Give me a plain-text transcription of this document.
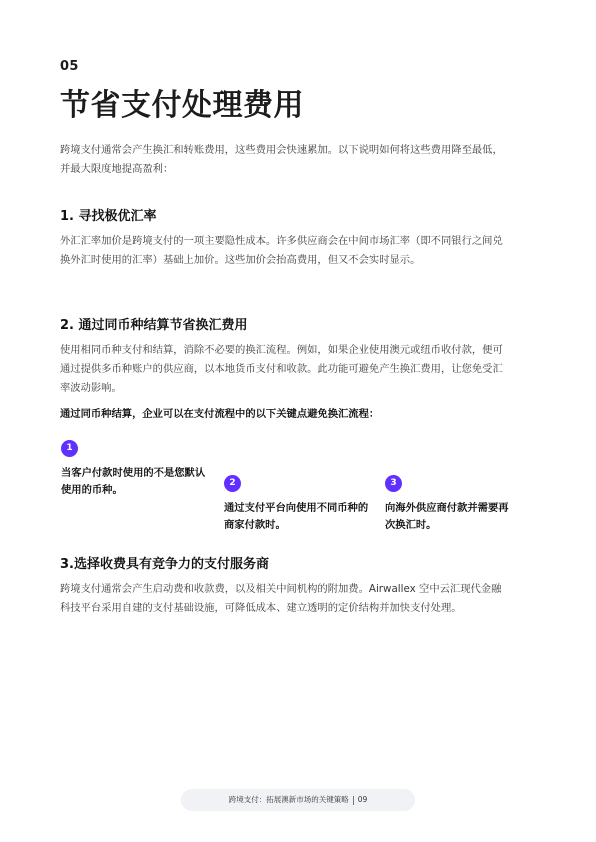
05
节省支付处理费用

跨境支付通常会产生换汇和转账费用，这些费用会快速累加。以下说明如何将这些费用降至最低，并最大限度地提高盈利：

1. 寻找极优汇率

外汇汇率加价是跨境支付的一项主要隐性成本。许多供应商会在中间市场汇率（即不同银行之间兑换外汇时使用的汇率）基础上加价。这些加价会抬高费用，但又不会实时显示。

2. 通过同币种结算节省换汇费用

使用相同币种支付和结算，消除不必要的换汇流程。例如，如果企业使用澳元或纽币收付款，便可通过提供多币种账户的供应商，以本地货币支付和收款。此功能可避免产生换汇费用，让您免受汇率波动影响。

通过同币种结算，企业可以在支付流程中的以下关键点避免换汇流程：

1

当客户付款时使用的不是您默认使用的币种。

2

通过支付平台向使用不同币种的商家付款时。

3

向海外供应商付款并需要再次换汇时。

3.选择收费具有竞争力的支付服务商

跨境支付通常会产生启动费和收款费，以及相关中间机构的附加费。Airwallex 空中云汇现代金融科技平台采用自建的支付基础设施，可降低成本、建立透明的定价结构并加快支付处理。

跨境支付：拓展澳新市场的关键策略 09
